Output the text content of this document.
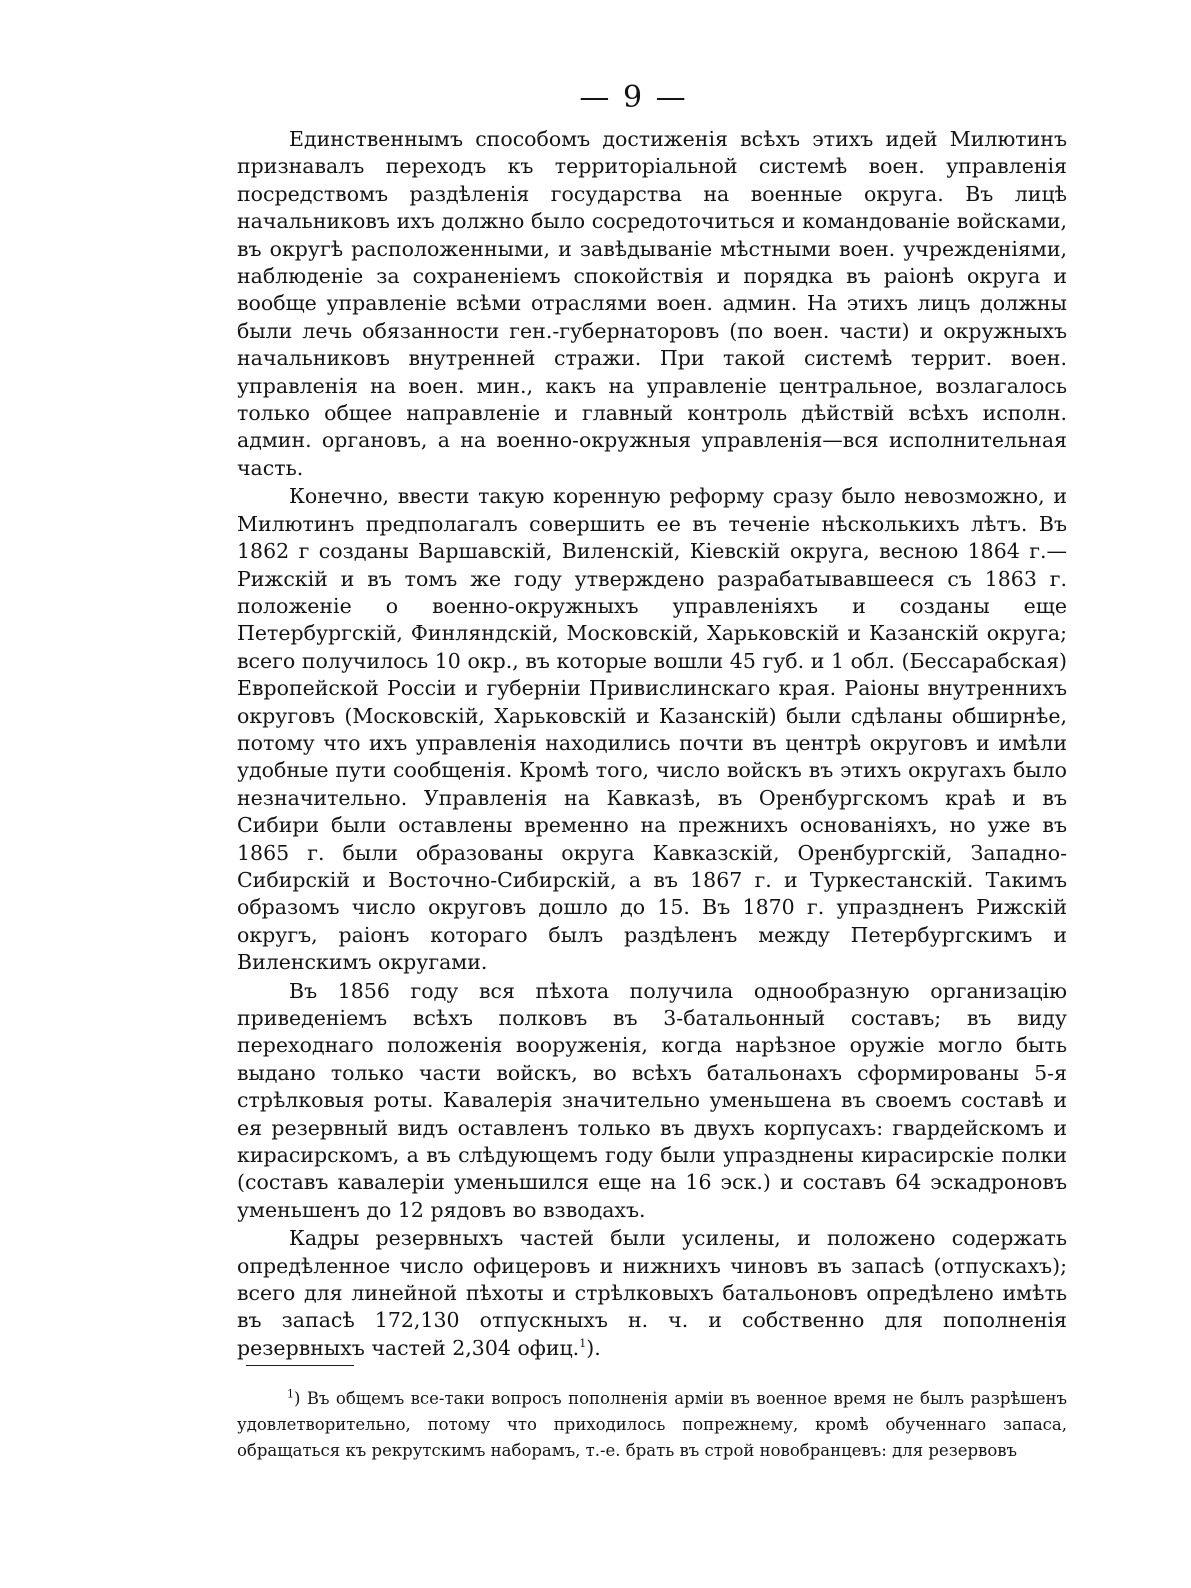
— 9 —

Единственнымъ способомъ достиженія всѣхъ этихъ идей Милютинъ признавалъ переходъ къ территоріальной системѣ воен. управленія посредствомъ раздѣленія государства на военные округа. Въ лицѣ начальниковъ ихъ должно было сосредоточиться и командованіе войсками, въ округѣ расположенными, и завѣдываніе мѣстными воен. учрежденіями, наблюденіе за сохраненіемъ спокойствія и порядка въ раіонѣ округа и вообще управленіе всѣми отраслями воен. админ. На этихъ лицъ должны были лечь обязанности ген.-губернаторовъ (по воен. части) и окружныхъ начальниковъ внутренней стражи. При такой системѣ террит. воен. управленія на воен. мин., какъ на управленіе центральное, возлагалось только общее направленіе и главный контроль дѣйствій всѣхъ исполн. админ. органовъ, а на военно-окружныя управленія—вся исполнительная часть.

Конечно, ввести такую коренную реформу сразу было невозможно, и Милютинъ предполагалъ совершить ее въ теченіе нѣсколькихъ лѣтъ. Въ 1862 г созданы Варшавскій, Виленскій, Кіевскій округа, весною 1864 г.—Рижскій и въ томъ же году утверждено разрабатывавшееся съ 1863 г. положеніе о военно-окружныхъ управленіяхъ и созданы еще Петербургскій, Финляндскій, Московскій, Харьковскій и Казанскій округа; всего получилось 10 окр., въ которые вошли 45 губ. и 1 обл. (Бессарабская) Европейской Россіи и губерніи Привислинскаго края. Раіоны внутреннихъ округовъ (Московскій, Харьковскій и Казанскій) были сдѣланы обширнѣе, потому что ихъ управленія находились почти въ центрѣ округовъ и имѣли удобные пути сообщенія. Кромѣ того, число войскъ въ этихъ округахъ было незначительно. Управленія на Кавказѣ, въ Оренбургскомъ краѣ и въ Сибири были оставлены временно на прежнихъ основаніяхъ, но уже въ 1865 г. были образованы округа Кавказскій, Оренбургскій, Западно-Сибирскій и Восточно-Сибирскій, а въ 1867 г. и Туркестанскій. Такимъ образомъ число округовъ дошло до 15. Въ 1870 г. упраздненъ Рижскій округъ, раіонъ котораго былъ раздѣленъ между Петербургскимъ и Виленскимъ округами.

Въ 1856 году вся пѣхота получила однообразную организацію приведеніемъ всѣхъ полковъ въ 3-батальонный составъ; въ виду переходнаго положенія вооруженія, когда нарѣзное оружіе могло быть выдано только части войскъ, во всѣхъ батальонахъ сформированы 5-я стрѣлковыя роты. Кавалерія значительно уменьшена въ своемъ составѣ и ея резервный видъ оставленъ только въ двухъ корпусахъ: гвардейскомъ и кирасирскомъ, а въ слѣдующемъ году были упразднены кирасирскіе полки (составъ кавалеріи уменьшился еще на 16 эск.) и составъ 64 эскадроновъ уменьшенъ до 12 рядовъ во взводахъ.

Кадры резервныхъ частей были усилены, и положено содержать опредѣленное число офицеровъ и нижнихъ чиновъ въ запасѣ (отпускахъ); всего для линейной пѣхоты и стрѣлковыхъ батальоновъ опредѣлено имѣть въ запасѣ 172,130 отпускныхъ н. ч. и собственно для пополненія резервныхъ частей 2,304 офиц.$^1$).

$^1$) Въ общемъ все-таки вопросъ пополненія арміи въ военное время не былъ разрѣшенъ удовлетворительно, потому что приходилось попрежнему, кромѣ обученнаго запаса, обращаться къ рекрутскимъ наборамъ, т.-е. брать въ строй новобранцевъ: для резервовъ
